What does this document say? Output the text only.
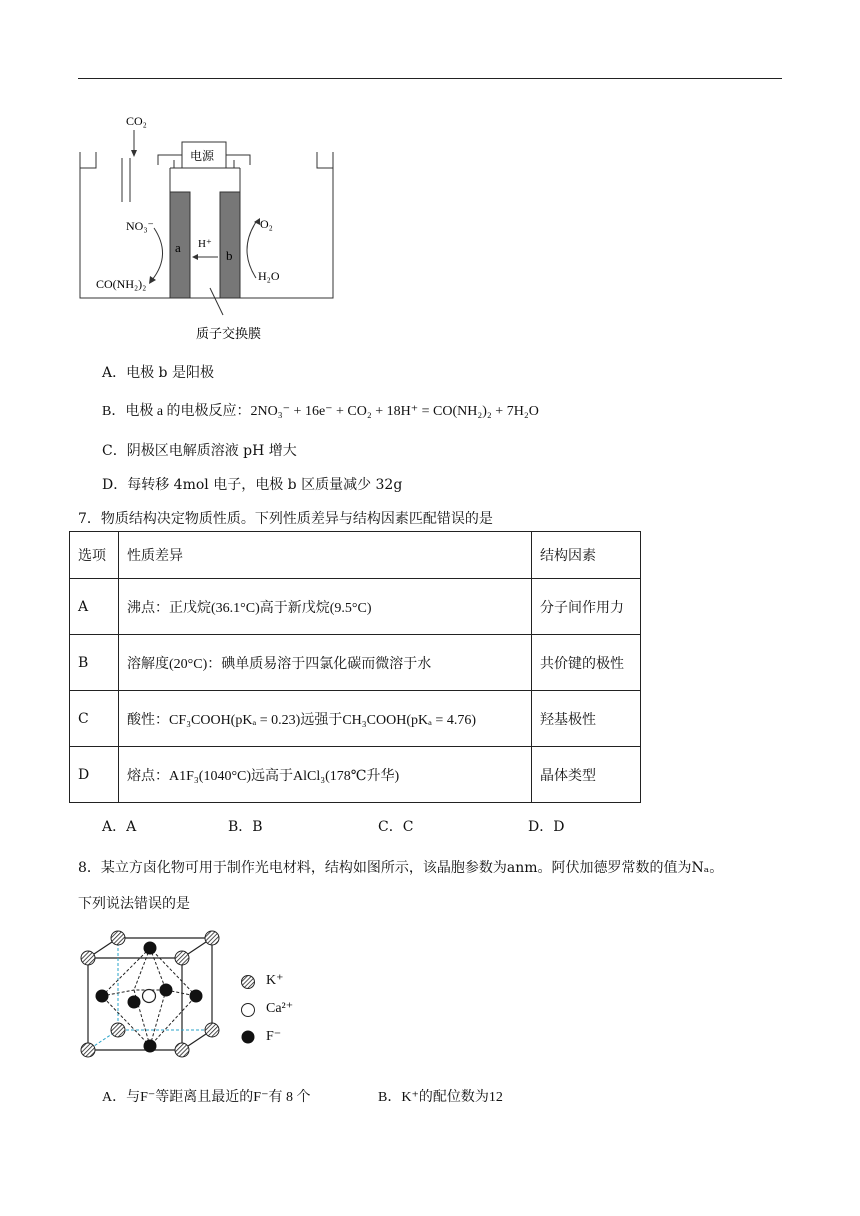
CO₂
电源
a
b
H⁺
NO₃⁻
CO(NH₂)₂
O₂
H₂O
质子交换膜
A．电极 b 是阳极
B．电极 a 的电极反应：2NO₃⁻ + 16e⁻ + CO₂ + 18H⁺ = CO(NH₂)₂ + 7H₂O
C．阴极区电解质溶液 pH 增大
D．每转移 4mol 电子，电极 b 区质量减少 32g
7．物质结构决定物质性质。下列性质差异与结构因素匹配错误的是
选项	性质差异	结构因素
A	沸点：正戊烷(36.1°C)高于新戊烷(9.5°C)	分子间作用力
B	溶解度(20°C)：碘单质易溶于四氯化碳而微溶于水	共价键的极性
C	酸性：CF₃COOH(pKₐ = 0.23)远强于CH₃COOH(pKₐ = 4.76)	羟基极性
D	熔点：A1F₃(1040°C)远高于AlCl₃(178℃升华)	晶体类型
A．A	B．B	C．C	D．D
8．某立方卤化物可用于制作光电材料，结构如图所示，该晶胞参数为anm。阿伏加德罗常数的值为Nₐ。
下列说法错误的是
K⁺
Ca²⁺
F⁻
A．与F⁻等距离且最近的F⁻有 8 个	B．K⁺的配位数为12
